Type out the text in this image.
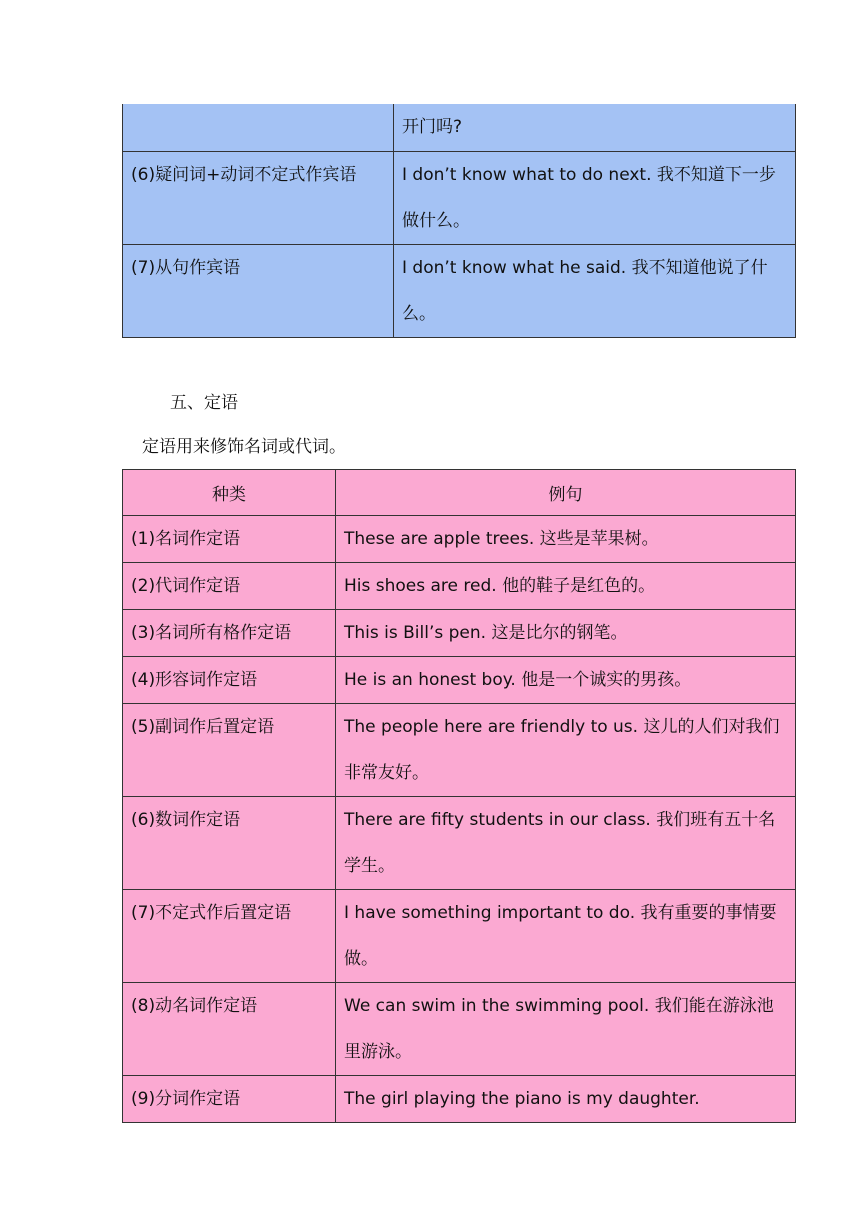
	开门吗?

(6)疑问词+动词不定式作宾语	I don’t know what to do next. 我不知道下一步做什么。

(7)从句作宾语	I don’t know what he said. 我不知道他说了什么。
五、定语
定语用来修饰名词或代词。
种类	例句

(1)名词作定语	These are apple trees. 这些是苹果树。

(2)代词作定语	His shoes are red. 他的鞋子是红色的。

(3)名词所有格作定语	This is Bill’s pen. 这是比尔的钢笔。

(4)形容词作定语	He is an honest boy. 他是一个诚实的男孩。

(5)副词作后置定语	The people here are friendly to us. 这儿的人们对我们非常友好。

(6)数词作定语	There are fifty students in our class. 我们班有五十名学生。

(7)不定式作后置定语	I have something important to do. 我有重要的事情要做。

(8)动名词作定语	We can swim in the swimming pool. 我们能在游泳池里游泳。

(9)分词作定语	The girl playing the piano is my daughter.
